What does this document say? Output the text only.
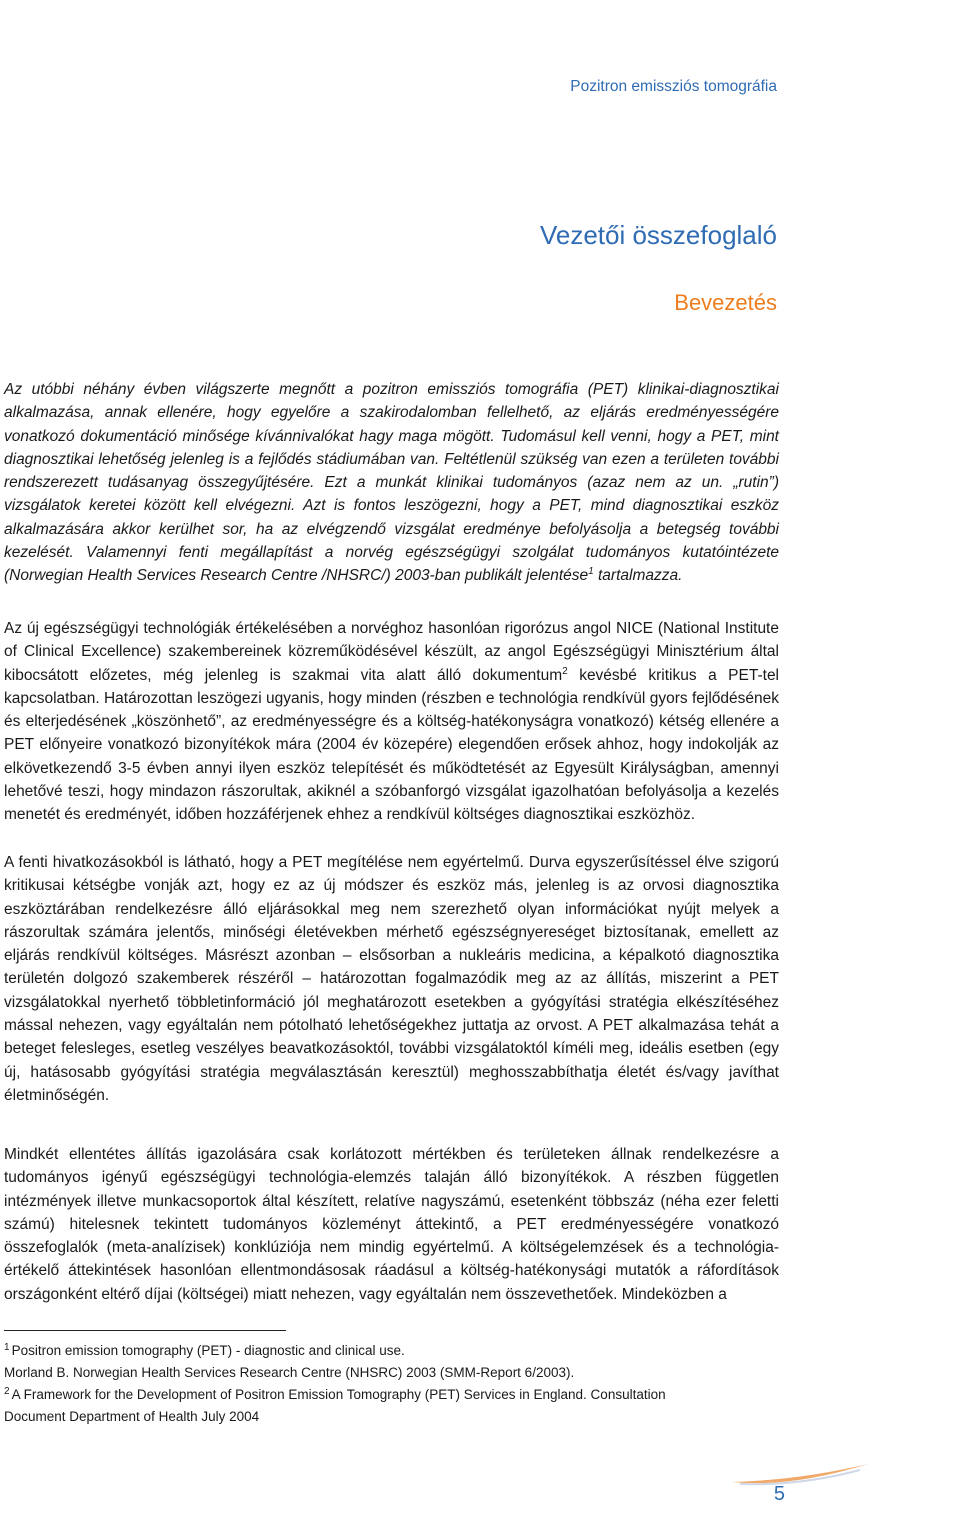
Pozitron emissziós tomográfia
Vezetői összefoglaló
Bevezetés

Az utóbbi néhány évben világszerte megnőtt a pozitron emissziós tomográfia (PET) klinikai-diagnosztikai alkalmazása, annak ellenére, hogy egyelőre a szakirodalomban fellelhető, az eljárás eredményességére vonatkozó dokumentáció minősége kívánnivalókat hagy maga mögött. Tudomásul kell venni, hogy a PET, mint diagnosztikai lehetőség jelenleg is a fejlődés stádiumában van. Feltétlenül szükség van ezen a területen további rendszerezett tudásanyag összegyűjtésére. Ezt a munkát klinikai tudományos (azaz nem az un. „rutin”) vizsgálatok keretei között kell elvégezni. Azt is fontos leszögezni, hogy a PET, mind diagnosztikai eszköz alkalmazására akkor kerülhet sor, ha az elvégzendő vizsgálat eredménye befolyásolja a betegség további kezelését. Valamennyi fenti megállapítást a norvég egészségügyi szolgálat tudományos kutatóintézete (Norwegian Health Services Research Centre /NHSRC/) 2003-ban publikált jelentése$^1$ tartalmazza.

Az új egészségügyi technológiák értékelésében a norvéghoz hasonlóan rigorózus angol NICE (National Institute of Clinical Excellence) szakembereinek közreműködésével készült, az angol Egészségügyi Minisztérium által kibocsátott előzetes, még jelenleg is szakmai vita alatt álló dokumentum$^2$ kevésbé kritikus a PET-tel kapcsolatban. Határozottan leszögezi ugyanis, hogy minden (részben e technológia rendkívül gyors fejlődésének és elterjedésének „köszönhető”, az eredményességre és a költség-hatékonyságra vonatkozó) kétség ellenére a PET előnyeire vonatkozó bizonyítékok mára (2004 év közepére) elegendően erősek ahhoz, hogy indokolják az elkövetkezendő 3-5 évben annyi ilyen eszköz telepítését és működtetését az Egyesült Királyságban, amennyi lehetővé teszi, hogy mindazon rászorultak, akiknél a szóbanforgó vizsgálat igazolhatóan befolyásolja a kezelés menetét és eredményét, időben hozzáférjenek ehhez a rendkívül költséges diagnosztikai eszközhöz.

A fenti hivatkozásokból is látható, hogy a PET megítélése nem egyértelmű. Durva egyszerűsítéssel élve szigorú kritikusai kétségbe vonják azt, hogy ez az új módszer és eszköz más, jelenleg is az orvosi diagnosztika eszköztárában rendelkezésre álló eljárásokkal meg nem szerezhető olyan információkat nyújt melyek a rászorultak számára jelentős, minőségi életévekben mérhető egészségnyereséget biztosítanak, emellett az eljárás rendkívül költséges. Másrészt azonban – elsősorban a nukleáris medicina, a képalkotó diagnosztika területén dolgozó szakemberek részéről – határozottan fogalmazódik meg az az állítás, miszerint a PET vizsgálatokkal nyerhető többletinformáció jól meghatározott esetekben a gyógyítási stratégia elkészítéséhez mással nehezen, vagy egyáltalán nem pótolható lehetőségekhez juttatja az orvost. A PET alkalmazása tehát a beteget felesleges, esetleg veszélyes beavatkozásoktól, további vizsgálatoktól kíméli meg, ideális esetben (egy új, hatásosabb gyógyítási stratégia megválasztásán keresztül) meghosszabbíthatja életét és/vagy javíthat életminőségén.

Mindkét ellentétes állítás igazolására csak korlátozott mértékben és területeken állnak rendelkezésre a tudományos igényű egészségügyi technológia-elemzés talaján álló bizonyítékok. A részben független intézmények illetve munkacsoportok által készített, relatíve nagyszámú, esetenként többszáz (néha ezer feletti számú) hitelesnek tekintett tudományos közleményt áttekintő, a PET eredményességére vonatkozó összefoglalók (meta-analízisek) konklúziója nem mindig egyértelmű. A költségelemzések és a technológia-értékelő áttekintések hasonlóan ellentmondásosak ráadásul a költség-hatékonysági mutatók a ráfordítások országonként eltérő díjai (költségei) miatt nehezen, vagy egyáltalán nem összevethetőek. Mindeközben a

$^1$ Positron emission tomography (PET) - diagnostic and clinical use.
Morland B. Norwegian Health Services Research Centre (NHSRC) 2003 (SMM-Report 6/2003).
$^2$ A Framework for the Development of Positron Emission Tomography (PET) Services in England. Consultation
Document Department of Health July 2004
5
